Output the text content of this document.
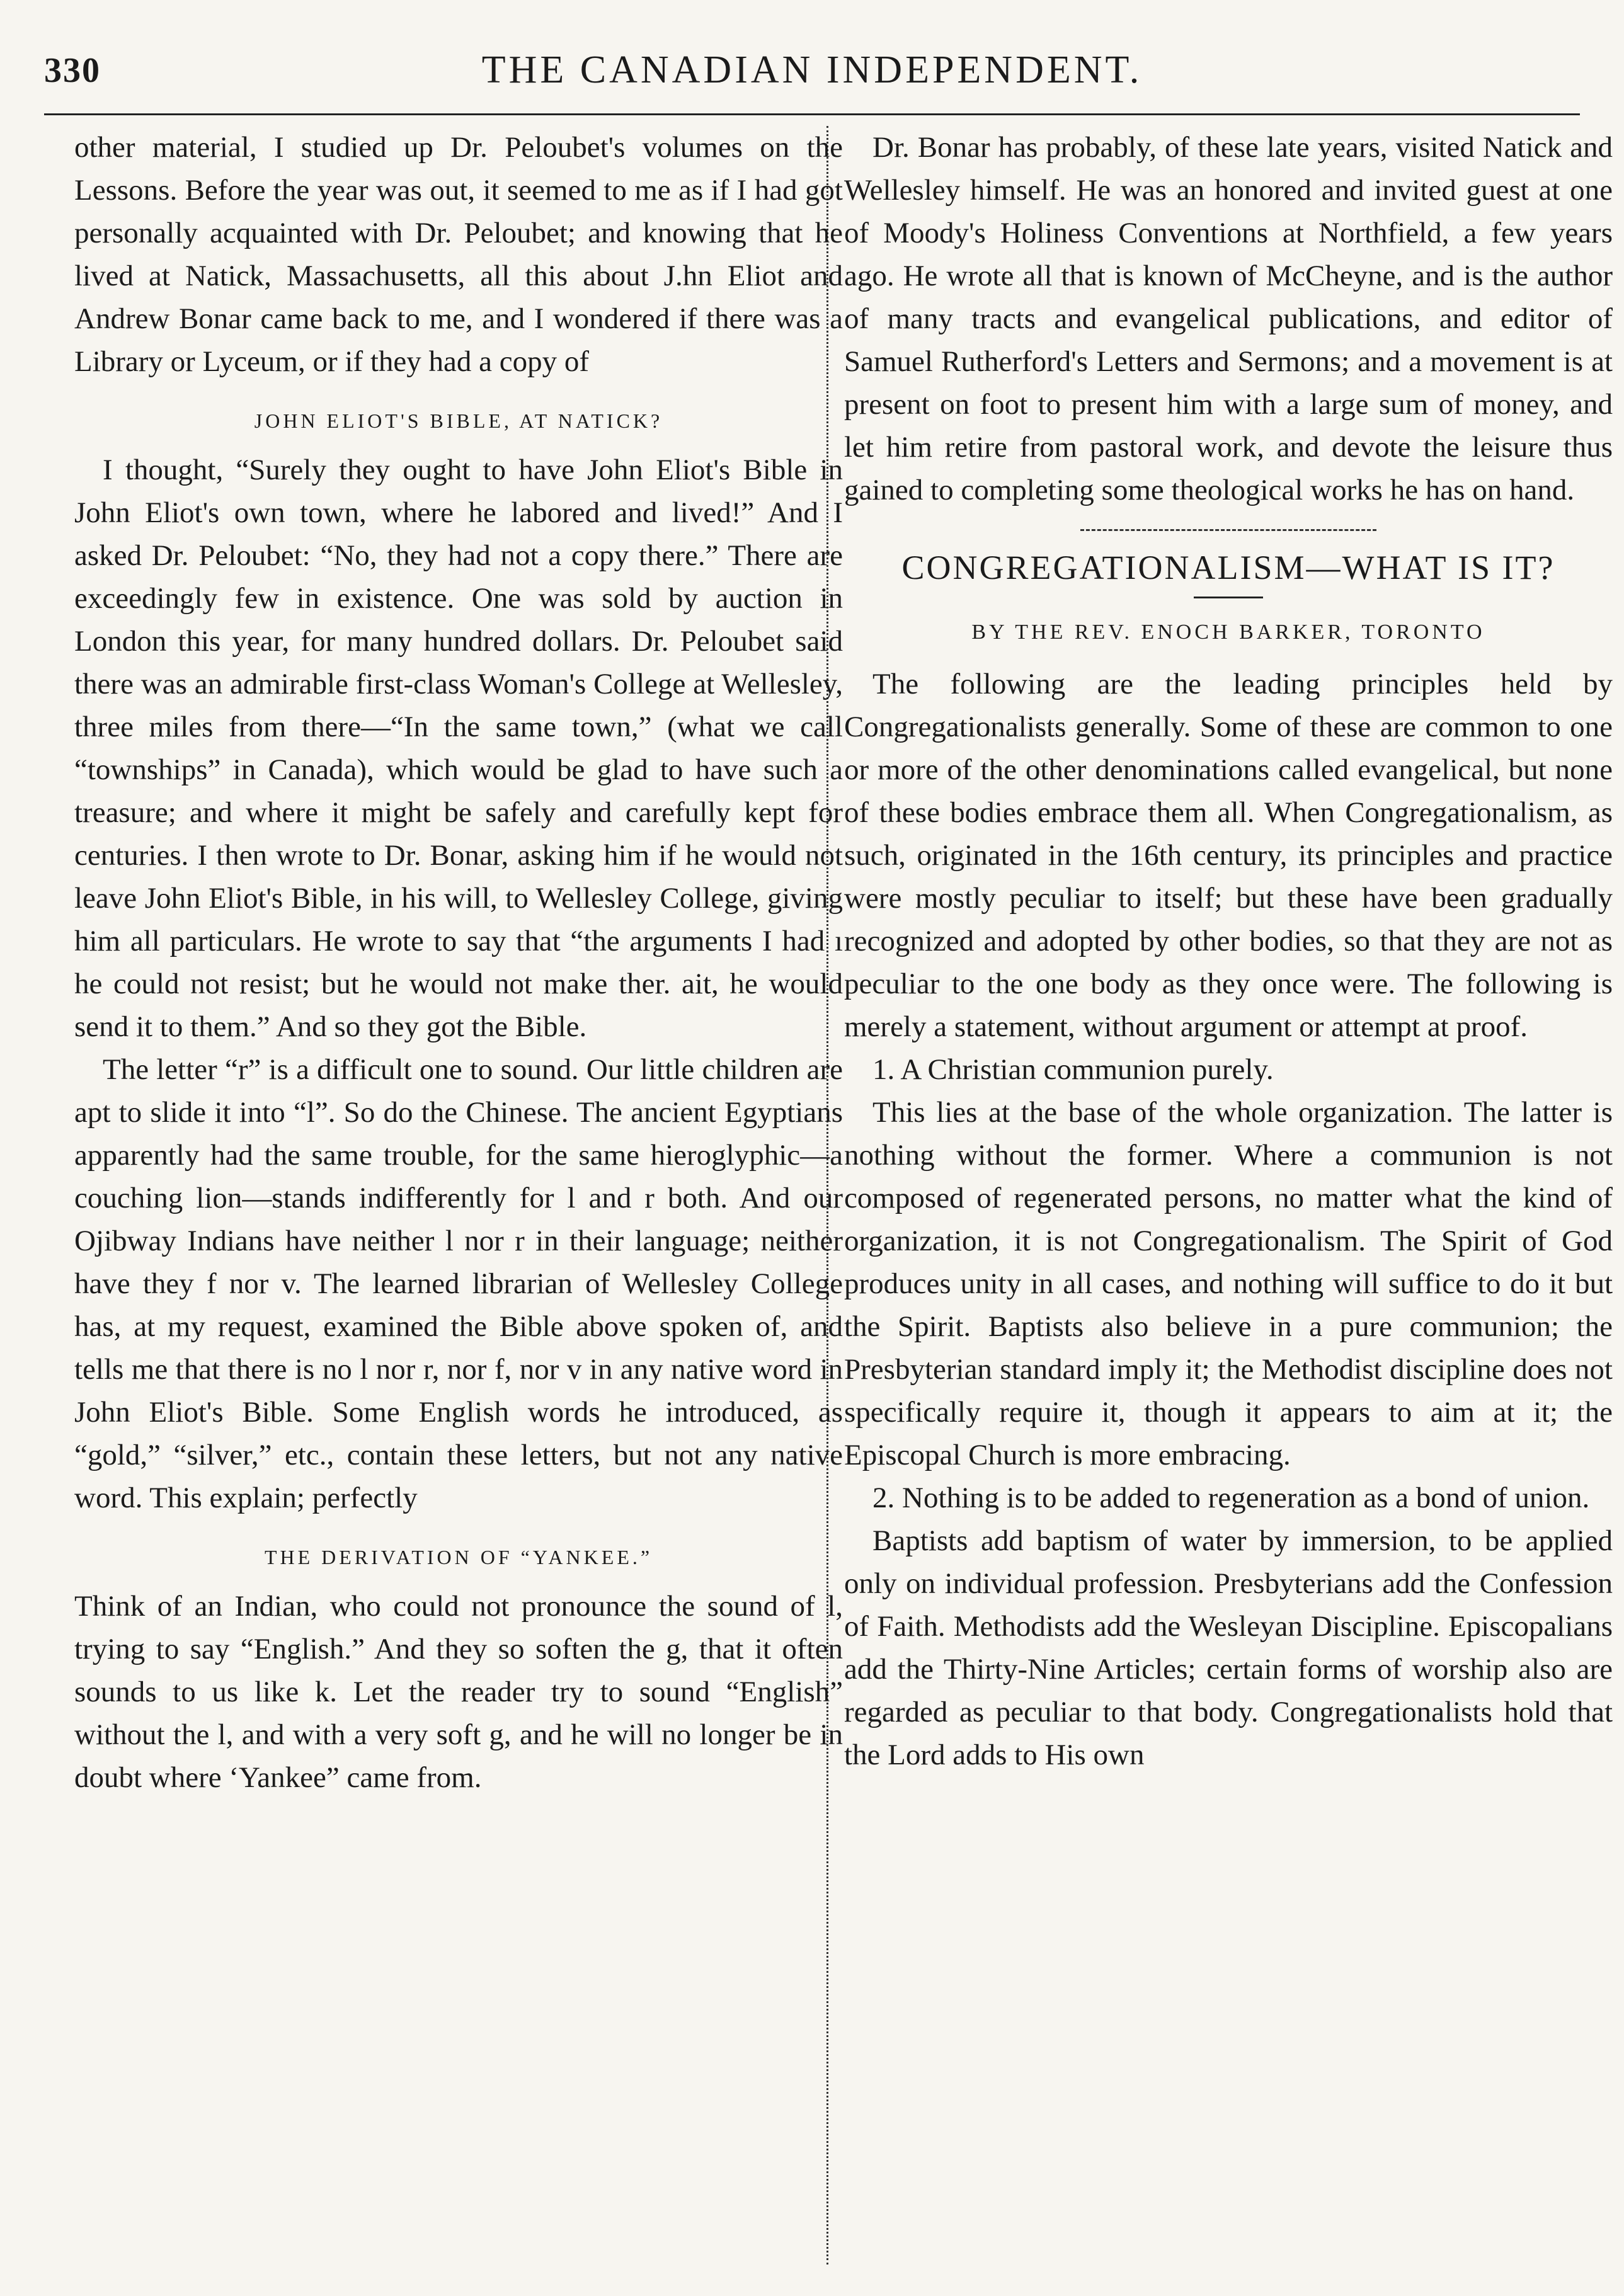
330	THE CANADIAN INDEPENDENT.

other material, I studied up Dr. Peloubet's volumes on the Lessons. Before the year was out, it seemed to me as if I had got personally acquainted with Dr. Peloubet; and knowing that he lived at Natick, Massachusetts, all this about J.hn Eliot and Andrew Bonar came back to me, and I wondered if there was a Library or Lyceum, or if they had a copy of

JOHN ELIOT'S BIBLE, AT NATICK?

I thought, “Surely they ought to have John Eliot's Bible in John Eliot's own town, where he labored and lived!” And I asked Dr. Peloubet: “No, they had not a copy there.” There are exceedingly few in existence. One was sold by auction in London this year, for many hundred dollars. Dr. Peloubet said there was an admirable first-class Woman's College at Wellesley, three miles from there—“In the same town,” (what we call “townships” in Canada), which would be glad to have such a treasure; and where it might be safely and carefully kept for centuries. I then wrote to Dr. Bonar, asking him if he would not leave John Eliot's Bible, in his will, to Wellesley College, giving him all particulars. He wrote to say that “the arguments I had ı he could not resist; but he would not make ther. ait, he would send it to them.” And so they got the Bible.

The letter “r” is a difficult one to sound. Our little children are apt to slide it into “l”. So do the Chinese. The ancient Egyptians apparently had the same trouble, for the same hieroglyphic—a couching lion—stands indifferently for l and r both. And our Ojibway Indians have neither l nor r in their language; neither have they f nor v. The learned librarian of Wellesley College has, at my request, examined the Bible above spoken of, and tells me that there is no l nor r, nor f, nor v in any native word in John Eliot's Bible. Some English words he introduced, as “gold,” “silver,” etc., contain these letters, but not any native word. This explain; perfectly

THE DERIVATION OF “YANKEE.”

Think of an Indian, who could not pronounce the sound of l, trying to say “English.” And they so soften the g, that it often sounds to us like k. Let the reader try to sound “English” without the l, and with a very soft g, and he will no longer be in doubt where ‘Yankee” came from.

Dr. Bonar has probably, of these late years, visited Natick and Wellesley himself. He was an honored and invited guest at one of Moody's Holiness Conventions at Northfield, a few years ago. He wrote all that is known of McCheyne, and is the author of many tracts and evangelical publications, and editor of Samuel Rutherford's Letters and Sermons; and a movement is at present on foot to present him with a large sum of money, and let him retire from pastoral work, and devote the leisure thus gained to completing some theological works he has on hand.

CONGREGATIONALISM—WHAT IS IT?
BY THE REV. ENOCH BARKER, TORONTO

The following are the leading principles held by Congregationalists generally. Some of these are common to one or more of the other denominations called evangelical, but none of these bodies embrace them all. When Congregationalism, as such, originated in the 16th century, its principles and practice were mostly peculiar to itself; but these have been gradually recognized and adopted by other bodies, so that they are not as peculiar to the one body as they once were. The following is merely a statement, without argument or attempt at proof.

1. A Christian communion purely.

This lies at the base of the whole organization. The latter is nothing without the former. Where a communion is not composed of regenerated persons, no matter what the kind of organization, it is not Congregationalism. The Spirit of God produces unity in all cases, and nothing will suffice to do it but the Spirit. Baptists also believe in a pure communion; the Presbyterian standard imply it; the Methodist discipline does not specifically require it, though it appears to aim at it; the Episcopal Church is more embracing.

2. Nothing is to be added to regeneration as a bond of union.

Baptists add baptism of water by immersion, to be applied only on individual profession. Presbyterians add the Confession of Faith. Methodists add the Wesleyan Discipline. Episcopalians add the Thirty-Nine Articles; certain forms of worship also are regarded as peculiar to that body. Congregationalists hold that the Lord adds to His own
